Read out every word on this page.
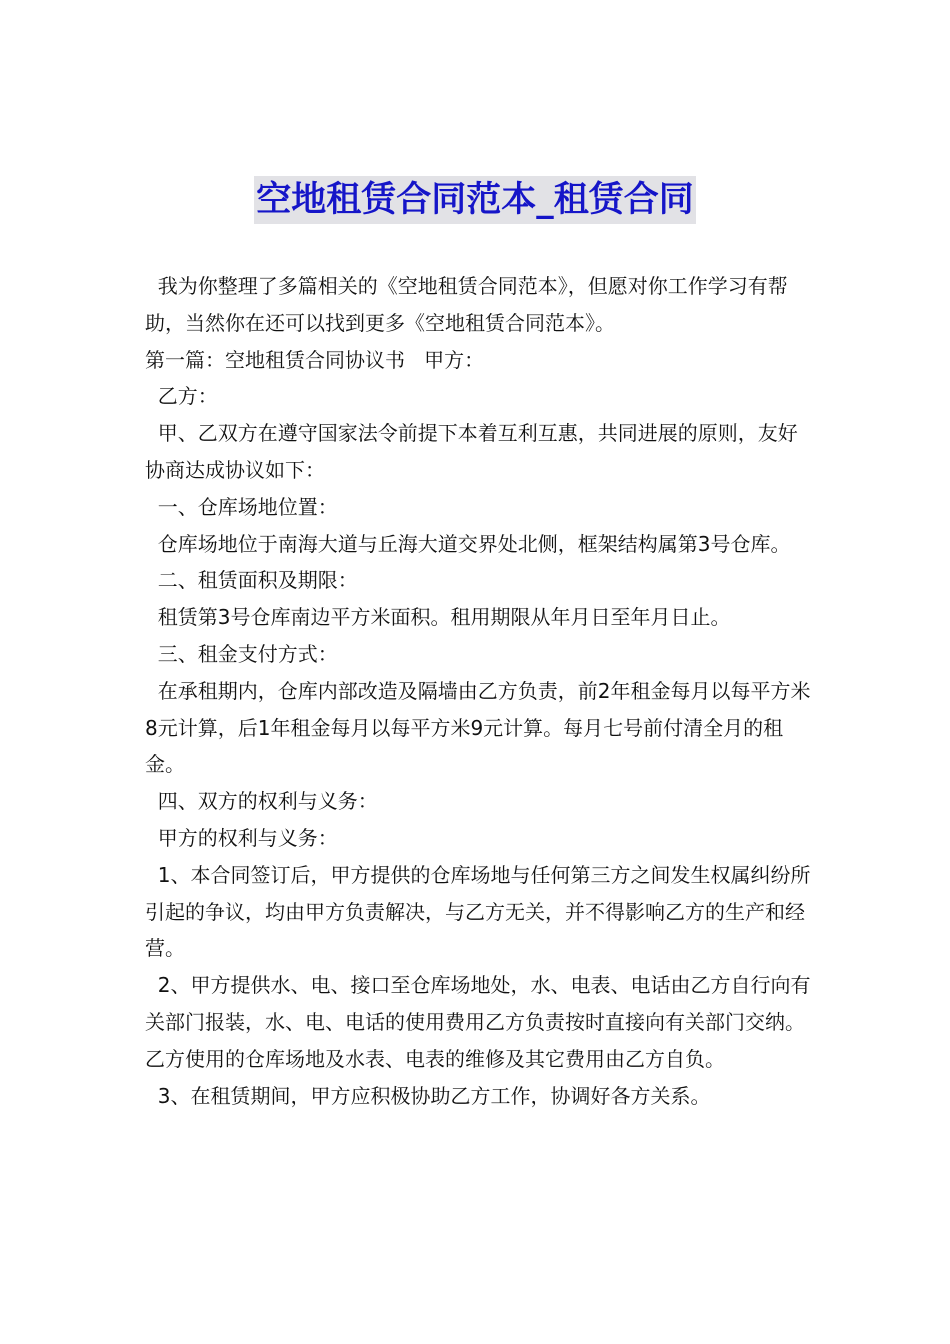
空地租赁合同范本_租赁合同

我为你整理了多篇相关的《空地租赁合同范本》，但愿对你工作学习有帮助，当然你在还可以找到更多《空地租赁合同范本》。

第一篇：空地租赁合同协议书   甲方：

乙方：

甲、乙双方在遵守国家法令前提下本着互利互惠，共同进展的原则，友好协商达成协议如下：

一、仓库场地位置：

仓库场地位于南海大道与丘海大道交界处北侧，框架结构属第3号仓库。

二、租赁面积及期限：

租赁第3号仓库南边平方米面积。租用期限从年月日至年月日止。

三、租金支付方式：

在承租期内，仓库内部改造及隔墙由乙方负责，前2年租金每月以每平方米8元计算，后1年租金每月以每平方米9元计算。每月七号前付清全月的租金。

四、双方的权利与义务：

甲方的权利与义务：

1、本合同签订后，甲方提供的仓库场地与任何第三方之间发生权属纠纷所引起的争议，均由甲方负责解决，与乙方无关，并不得影响乙方的生产和经营。

2、甲方提供水、电、接口至仓库场地处，水、电表、电话由乙方自行向有关部门报装，水、电、电话的使用费用乙方负责按时直接向有关部门交纳。乙方使用的仓库场地及水表、电表的维修及其它费用由乙方自负。

3、在租赁期间，甲方应积极协助乙方工作，协调好各方关系。
